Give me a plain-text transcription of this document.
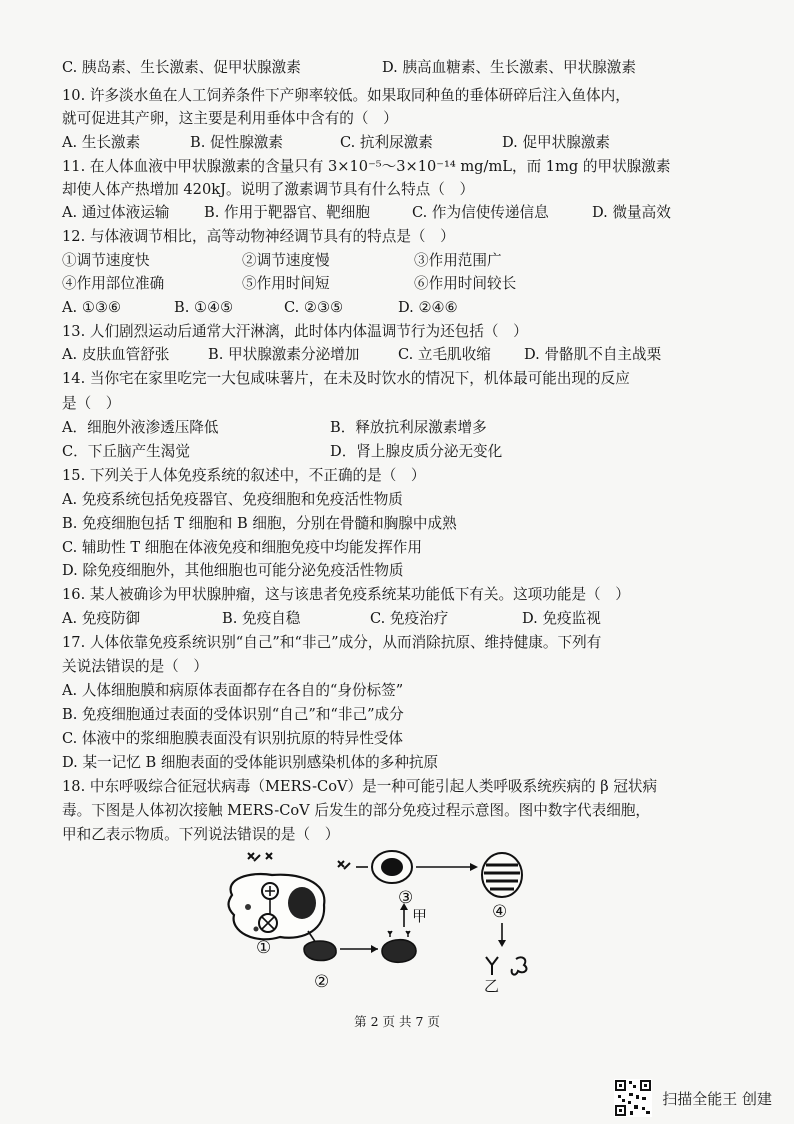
C. 胰岛素、生长激素、促甲状腺激素	D. 胰高血糖素、生长激素、甲状腺激素
10. 许多淡水鱼在人工饲养条件下产卵率较低。如果取同种鱼的垂体研碎后注入鱼体内，
就可促进其产卵，这主要是利用垂体中含有的（　）
A. 生长激素	B. 促性腺激素	C. 抗利尿激素	D. 促甲状腺激素
11. 在人体血液中甲状腺激素的含量只有 3×10⁻⁵～3×10⁻¹⁴ mg/mL，而 1mg 的甲状腺激素
却使人体产热增加 420kJ。说明了激素调节具有什么特点（　）
A. 通过体液运输 B. 作用于靶器官、靶细胞	C. 作为信使传递信息	D. 微量高效
12. 与体液调节相比，高等动物神经调节具有的特点是（　）
①调节速度快	②调节速度慢	③作用范围广
④作用部位准确	⑤作用时间短	⑥作用时间较长
A. ①③⑥	B. ①④⑤	C. ②③⑤	D. ②④⑥
13. 人们剧烈运动后通常大汗淋漓，此时体内体温调节行为还包括（　）
A. 皮肤血管舒张	B. 甲状腺激素分泌增加	C. 立毛肌收缩 D. 骨骼肌不自主战栗
14. 当你宅在家里吃完一大包咸味薯片，在未及时饮水的情况下，机体最可能出现的反应
是（　）
A．细胞外液渗透压降低	B．释放抗利尿激素增多
C．下丘脑产生渴觉	D．肾上腺皮质分泌无变化
15. 下列关于人体免疫系统的叙述中，不正确的是（　）
A. 免疫系统包括免疫器官、免疫细胞和免疫活性物质
B. 免疫细胞包括 T 细胞和 B 细胞，分别在骨髓和胸腺中成熟
C. 辅助性 T 细胞在体液免疫和细胞免疫中均能发挥作用
D. 除免疫细胞外，其他细胞也可能分泌免疫活性物质
16. 某人被确诊为甲状腺肿瘤，这与该患者免疫系统某功能低下有关。这项功能是（　）
A. 免疫防御	B. 免疫自稳	C. 免疫治疗	D. 免疫监视
17. 人体依靠免疫系统识别“自己”和“非己”成分，从而消除抗原、维持健康。下列有
关说法错误的是（　）
A. 人体细胞膜和病原体表面都存在各自的“身份标签”
B. 免疫细胞通过表面的受体识别“自己”和“非己”成分
C. 体液中的浆细胞膜表面没有识别抗原的特异性受体
D. 某一记忆 B 细胞表面的受体能识别感染机体的多种抗原
18. 中东呼吸综合征冠状病毒（MERS-CoV）是一种可能引起人类呼吸系统疾病的 β 冠状病
毒。下图是人体初次接触 MERS-CoV 后发生的部分免疫过程示意图。图中数字代表细胞，
甲和乙表示物质。下列说法错误的是（　）
①
②
甲
③
④
乙
第 2 页 共 7 页
扫描全能王 创建
